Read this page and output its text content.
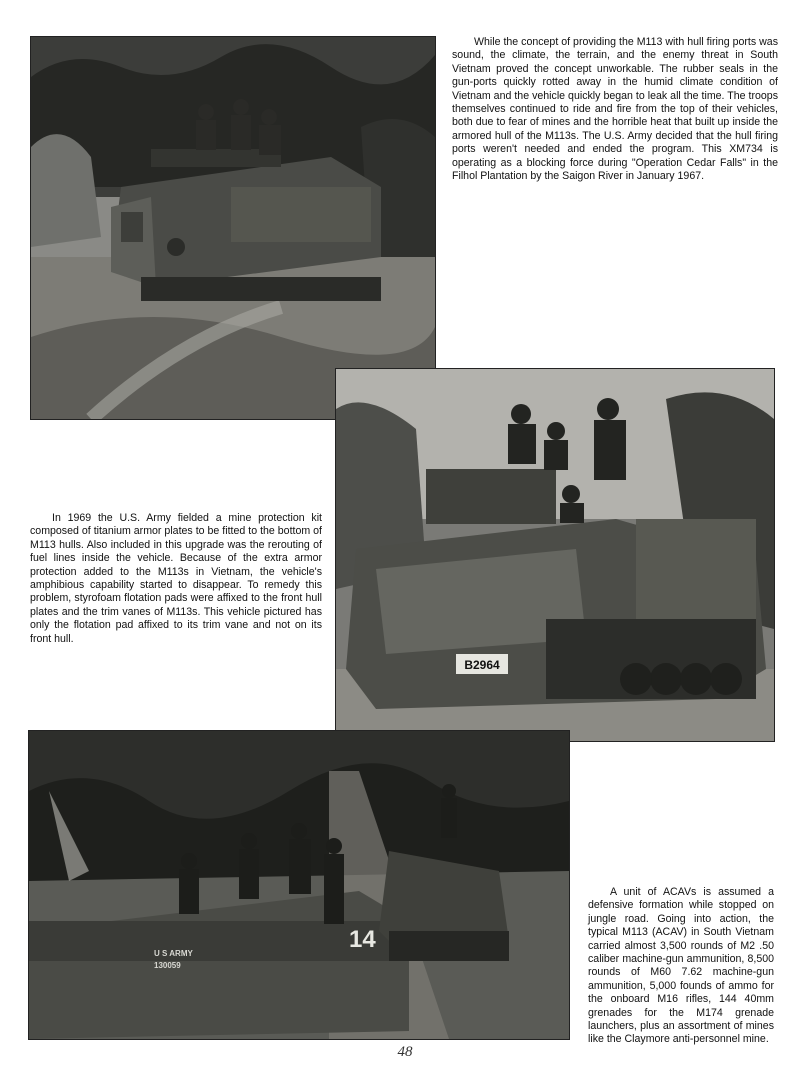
While the concept of providing the M113 with hull firing ports was sound, the climate, the terrain, and the enemy threat in South Vietnam proved the concept unworkable. The rubber seals in the gun-ports quickly rotted away in the humid climate condition of Vietnam and the vehicle quickly began to leak all the time. The troops themselves continued to ride and fire from the top of their vehicles, both due to fear of mines and the horrible heat that built up inside the armored hull of the M113s. The U.S. Army decided that the hull firing ports weren't needed and ended the program. This XM734 is operating as a blocking force during "Operation Cedar Falls" in the Filhol Plantation by the Saigon River in January 1967.

B2964

In 1969 the U.S. Army fielded a mine protection kit composed of titanium armor plates to be fitted to the bottom of M113 hulls. Also included in this upgrade was the rerouting of fuel lines inside the vehicle. Because of the extra armor protection added to the M113s in Vietnam, the vehicle's amphibious capability started to disappear. To remedy this problem, styrofoam flotation pads were affixed to the front hull plates and the trim vanes of M113s. This vehicle pictured has only the flotation pad affixed to its trim vane and not on its front hull.

U S ARMY
130059
14

A unit of ACAVs is assumed a defensive formation while stopped on jungle road. Going into action, the typical M113 (ACAV) in South Vietnam carried almost 3,500 rounds of M2 .50 caliber machine-gun ammunition, 8,500 rounds of M60 7.62 machine-gun ammunition, 5,000 founds of ammo for the onboard M16 rifles, 144 40mm grenades for the M174 grenade launchers, plus an assortment of mines like the Claymore anti-personnel mine.

48
